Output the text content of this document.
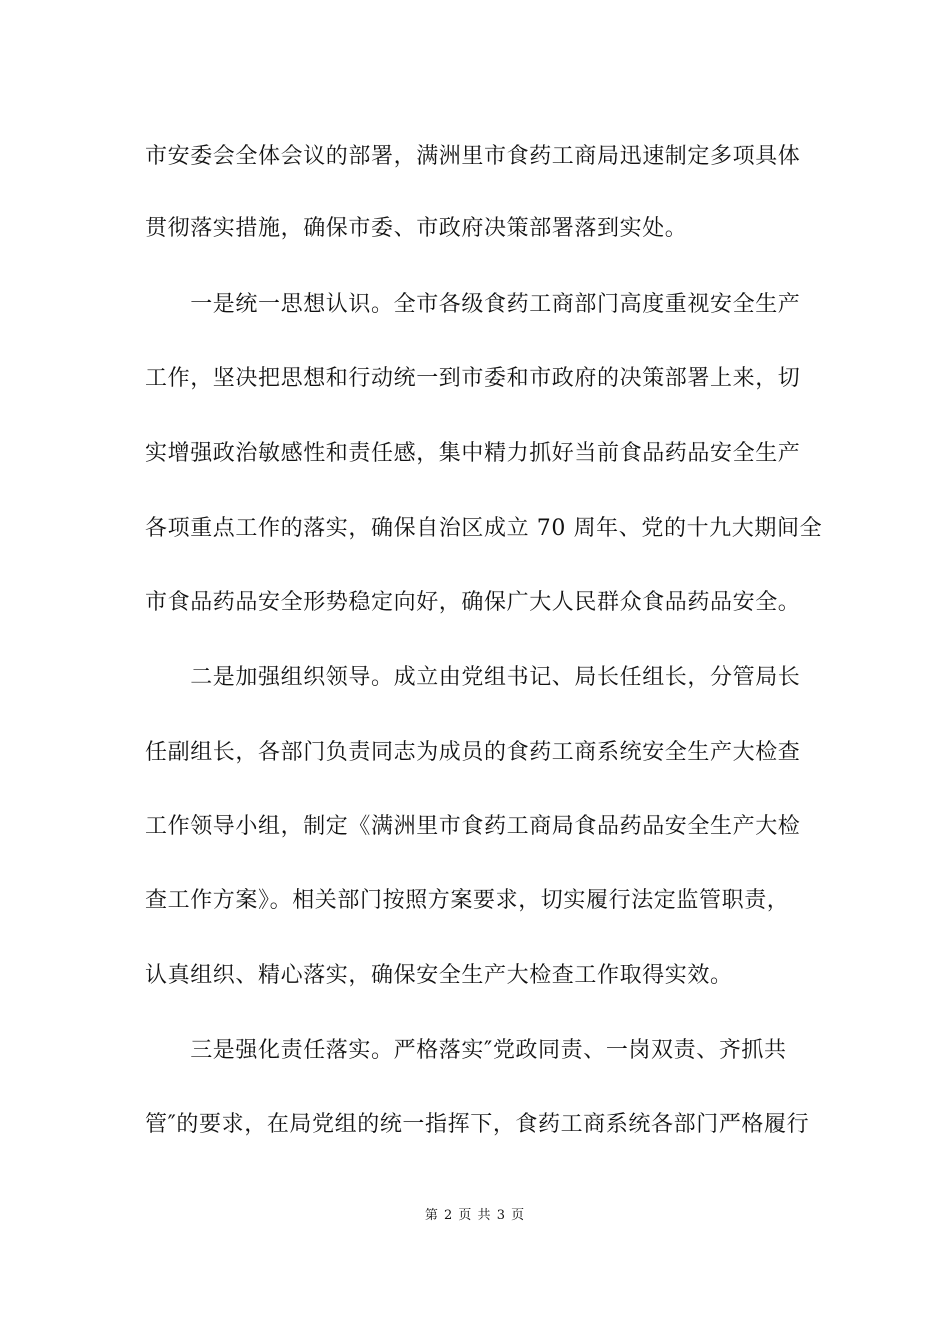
市安委会全体会议的部署，满洲里市食药工商局迅速制定多项具体
贯彻落实措施，确保市委、市政府决策部署落到实处。
　　一是统一思想认识。全市各级食药工商部门高度重视安全生产
工作，坚决把思想和行动统一到市委和市政府的决策部署上来，切
实增强政治敏感性和责任感，集中精力抓好当前食品药品安全生产
各项重点工作的落实，确保自治区成立 70 周年、党的十九大期间全
市食品药品安全形势稳定向好，确保广大人民群众食品药品安全。
　　二是加强组织领导。成立由党组书记、局长任组长，分管局长
任副组长，各部门负责同志为成员的食药工商系统安全生产大检查
工作领导小组，制定《满洲里市食药工商局食品药品安全生产大检
查工作方案》。相关部门按照方案要求，切实履行法定监管职责，
认真组织、精心落实，确保安全生产大检查工作取得实效。
　　三是强化责任落实。严格落实″党政同责、一岗双责、齐抓共
管″的要求，在局党组的统一指挥下，食药工商系统各部门严格履行
第 2 页 共 3 页
